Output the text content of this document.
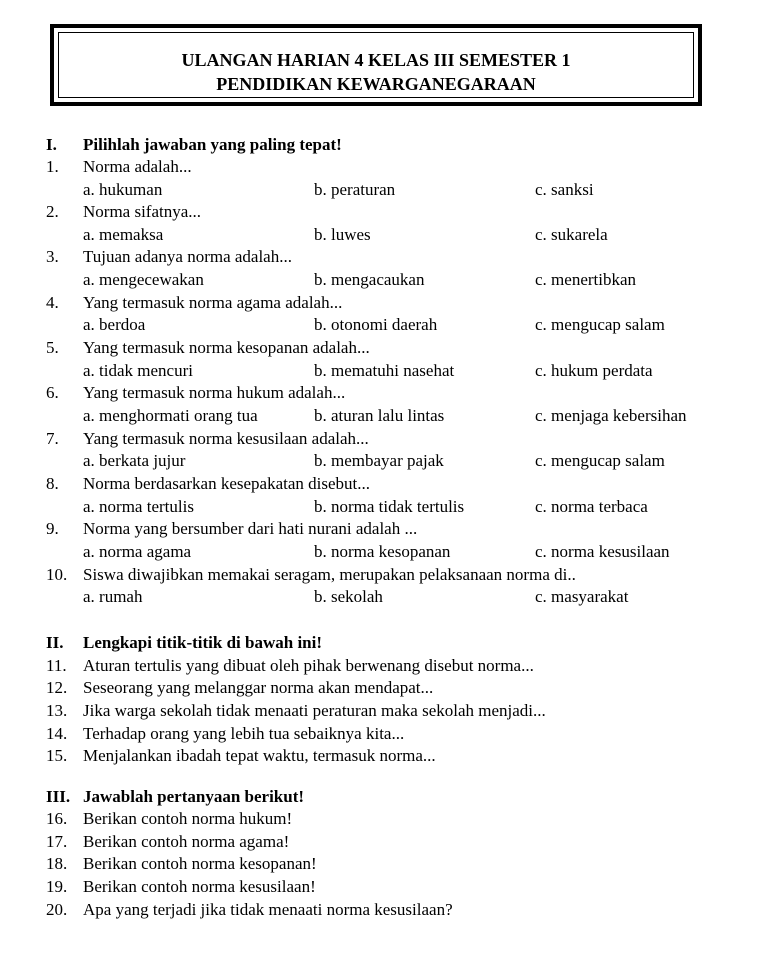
ULANGAN HARIAN 4 KELAS III SEMESTER 1
PENDIDIKAN KEWARGANEGARAAN
I. Pilihlah jawaban yang paling tepat!
1. Norma adalah...
a. hukuman	b. peraturan	c. sanksi
2. Norma sifatnya...
a. memaksa	b. luwes	c. sukarela
3. Tujuan adanya norma adalah...
a. mengecewakan	b. mengacaukan	c. menertibkan
4. Yang termasuk norma agama adalah...
a. berdoa	b. otonomi daerah	c. mengucap salam
5. Yang termasuk norma kesopanan adalah...
a. tidak mencuri	b. mematuhi nasehat	c. hukum perdata
6. Yang termasuk norma hukum adalah...
a. menghormati orang tua	b. aturan lalu lintas	c. menjaga kebersihan
7. Yang termasuk norma kesusilaan adalah...
a. berkata jujur	b. membayar pajak	c. mengucap salam
8. Norma berdasarkan kesepakatan disebut...
a. norma tertulis	b. norma tidak tertulis	c. norma terbaca
9. Norma yang bersumber dari hati nurani adalah ...
a. norma agama	b. norma kesopanan	c. norma kesusilaan
10. Siswa diwajibkan memakai seragam, merupakan pelaksanaan norma di..
a. rumah	b. sekolah	c. masyarakat
II. Lengkapi titik-titik di bawah ini!
11. Aturan tertulis yang dibuat oleh pihak berwenang disebut norma...
12. Seseorang yang melanggar norma akan mendapat...
13. Jika warga sekolah tidak menaati peraturan maka sekolah menjadi...
14. Terhadap orang yang lebih tua sebaiknya kita...
15. Menjalankan ibadah tepat waktu, termasuk norma...
III. Jawablah pertanyaan berikut!
16. Berikan contoh norma hukum!
17. Berikan contoh norma agama!
18. Berikan contoh norma kesopanan!
19. Berikan contoh norma kesusilaan!
20. Apa yang terjadi jika tidak menaati norma kesusilaan?
